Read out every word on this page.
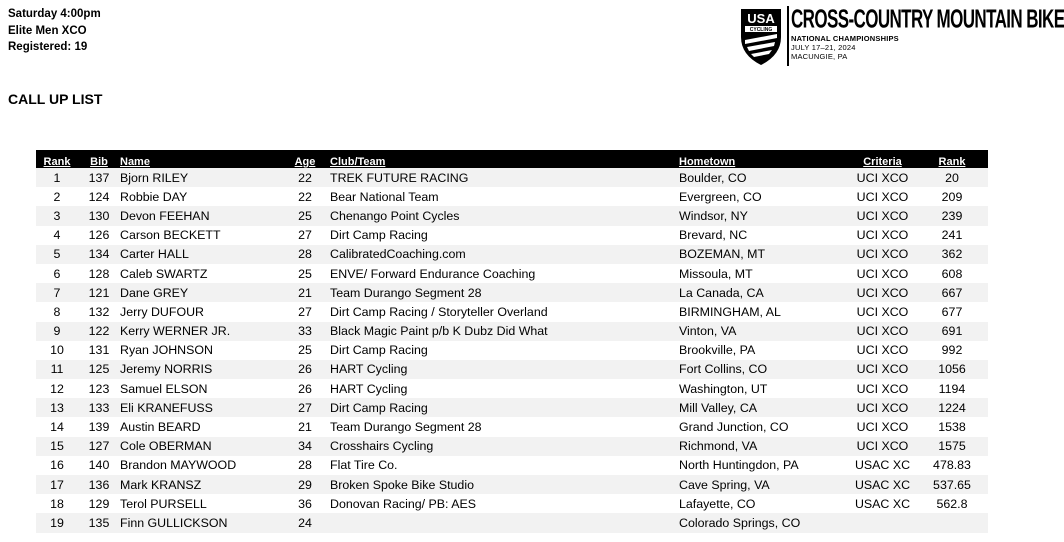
Saturday 4:00pm
Elite Men XCO
Registered: 19
CALL UP LIST
USA
CYCLING CROSS-COUNTRY MOUNTAIN BIKE
NATIONAL CHAMPIONSHIPS
JULY 17–21, 2024
MACUNGIE, PA
Rank	Bib	Name	Age	Club/Team	Hometown	Criteria	Rank
1	137	Bjorn RILEY	22	TREK FUTURE RACING	Boulder, CO	UCI XCO	20
2	124	Robbie DAY	22	Bear National Team	Evergreen, CO	UCI XCO	209
3	130	Devon FEEHAN	25	Chenango Point Cycles	Windsor, NY	UCI XCO	239
4	126	Carson BECKETT	27	Dirt Camp Racing	Brevard, NC	UCI XCO	241
5	134	Carter HALL	28	CalibratedCoaching.com	BOZEMAN, MT	UCI XCO	362
6	128	Caleb SWARTZ	25	ENVE/ Forward Endurance Coaching	Missoula, MT	UCI XCO	608
7	121	Dane GREY	21	Team Durango Segment 28	La Canada, CA	UCI XCO	667
8	132	Jerry DUFOUR	27	Dirt Camp Racing / Storyteller Overland	BIRMINGHAM, AL	UCI XCO	677
9	122	Kerry WERNER JR.	33	Black Magic Paint p/b K Dubz Did What	Vinton, VA	UCI XCO	691
10	131	Ryan JOHNSON	25	Dirt Camp Racing	Brookville, PA	UCI XCO	992
11	125	Jeremy NORRIS	26	HART Cycling	Fort Collins, CO	UCI XCO	1056
12	123	Samuel ELSON	26	HART Cycling	Washington, UT	UCI XCO	1194
13	133	Eli KRANEFUSS	27	Dirt Camp Racing	Mill Valley, CA	UCI XCO	1224
14	139	Austin BEARD	21	Team Durango Segment 28	Grand Junction, CO	UCI XCO	1538
15	127	Cole OBERMAN	34	Crosshairs Cycling	Richmond, VA	UCI XCO	1575
16	140	Brandon MAYWOOD	28	Flat Tire Co.	North Huntingdon, PA	USAC XC	478.83
17	136	Mark KRANSZ	29	Broken Spoke Bike Studio	Cave Spring, VA	USAC XC	537.65
18	129	Terol PURSELL	36	Donovan Racing/ PB: AES	Lafayette, CO	USAC XC	562.8
19	135	Finn GULLICKSON	24		Colorado Springs, CO		
